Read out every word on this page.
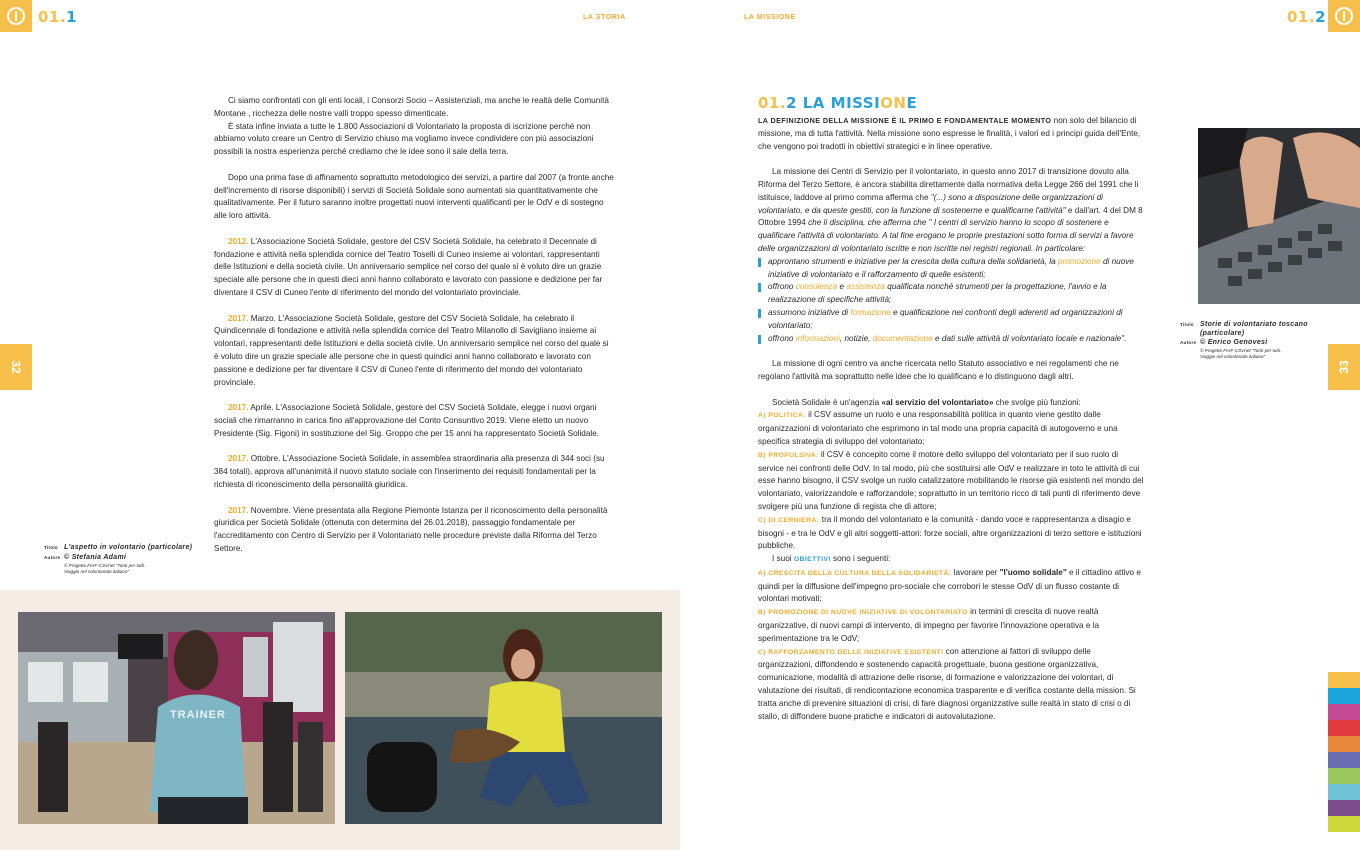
01.1	01.2
LA STORIA	LA MISSIONE
32	33

Ci siamo confrontati con gli enti locali, i Consorzi Socio – Assistenziali, ma anche le realtà delle Comunità Montane , ricchezza delle nostre valli troppo spesso dimenticate.

È stata infine inviata a tutte le 1.800 Associazioni di Volontariato la proposta di iscrizione perché non abbiamo voluto creare un Centro di Servizio chiuso ma vogliamo invece condividere con più associazioni possibili la nostra esperienza perché crediamo che le idee sono il sale della terra.

Dopo una prima fase di affinamento soprattutto metodologico dei servizi, a partire dal 2007 (a fronte anche dell'incremento di risorse disponibili) i servizi di Società Solidale sono aumentati sia quantitativamente che qualitativamente. Per il futuro saranno inoltre progettati nuovi interventi qualificanti per le OdV e di sostegno alle loro attività.

2012. L'Associazione Società Solidale, gestore del CSV Società Solidale, ha celebrato il Decennale di fondazione e attività nella splendida cornice del Teatro Toselli di Cuneo insieme ai volontari, rappresentanti delle Istituzioni e della società civile. Un anniversario semplice nel corso del quale si è voluto dire un grazie speciale alle persone che in questi dieci anni hanno collaborato e lavorato con passione e dedizione per far diventare il CSV di Cuneo l'ente di riferimento del mondo del volontariato provinciale.

2017. Marzo. L'Associazione Società Solidale, gestore del CSV Società Solidale, ha celebrato il Quindicennale di fondazione e attività nella splendida cornice del Teatro Milanollo di Savigliano insieme ai volontari, rappresentanti delle Istituzioni e della società civile. Un anniversario semplice nel corso del quale si è voluto dire un grazie speciale alle persone che in questi quindici anni hanno collaborato e lavorato con passione e dedizione per far diventare il CSV di Cuneo l'ente di riferimento del mondo del volontariato provinciale.

2017. Aprile. L'Associazione Società Solidale, gestore del CSV Società Solidale, elegge i nuovi organi sociali che rimarranno in carica fino all'approvazione del Conto Consuntivo 2019. Viene eletto un nuovo Presidente (Sig. Figoni) in sostituzione del Sig. Groppo che per 15 anni ha rappresentato Società Solidale.

2017. Ottobre. L'Associazione Società Solidale, in assemblea straordinaria alla presenza di 344 soci (su 384 totali), approva all'unanimità il nuovo statuto sociale con l'inserimento dei requisiti fondamentali per la richiesta di riconoscimento della personalità giuridica.

2017. Novembre. Viene presentata alla Regione Piemonte Istanza per il riconoscimento della personalità giuridica per Società Solidale (ottenuta con determina del 26.01.2018), passaggio fondamentale per l'accreditamento con Centro di Servizio per il Volontariato nelle procedure previste dalla Riforma del Terzo Settore.

Titolo L'aspetto in volontario (particolare)
Autore © Stefania Adami
© Progetto FIAF-CSVnet "Tanti per tutti.
Viaggio nel volontariato italiano"
TRAINER
01.2 LA MISSIONE

LA DEFINIZIONE DELLA MISSIONE È IL PRIMO E FONDAMENTALE MOMENTO non solo del bilancio di missione, ma di tutta l'attività. Nella missione sono espresse le finalità, i valori ed i principi guida dell'Ente, che vengono poi tradotti in obiettivi strategici e in linee operative.

La missione dei Centri di Servizio per il volontariato, in questo anno 2017 di transizione dovuto alla Riforma del Terzo Settore, è ancora stabilita direttamente dalla normativa della Legge 266 del 1991 che li istituisce, laddove al primo comma afferma che "(...) sono a disposizione delle organizzazioni di volontariato, e da queste gestiti, con la funzione di sostenerne e qualificarne l'attività" e dall'art. 4 del DM 8 Ottobre 1994 che li disciplina, che afferma che " I centri di servizio hanno lo scopo di sostenere e qualificare l'attività di volontariato. A tal fine erogano le proprie prestazioni sotto forma di servizi a favore delle organizzazioni di volontariato iscritte e non iscritte nei registri regionali. In particolare:

approntano strumenti e iniziative per la crescita della cultura della solidarietà, la promozione di nuove iniziative di volontariato e il rafforzamento di quelle esistenti;

offrono consulenza e assistenza qualificata nonché strumenti per la progettazione, l'avvio e la realizzazione di specifiche attività;

assumono iniziative di formazione e qualificazione nei confronti degli aderenti ad organizzazioni di volontariato;

offrono informazioni, notizie, documentazione e dati sulle attività di volontariato locale e nazionale".

La missione di ogni centro va anche ricercata nello Statuto associativo e nei regolamenti che ne regolano l'attività ma soprattutto nelle idee che lo qualificano e lo distinguono dagli altri.

Società Solidale è un'agenzia «al servizio del volontariato» che svolge più funzioni:

A) POLITICA: il CSV assume un ruolo e una responsabilità politica in quanto viene gestito dalle organizzazioni di volontariato che esprimono in tal modo una propria capacità di autogoverno e una specifica strategia di sviluppo del volontariato;

B) PROPULSIVA: il CSV è concepito come il motore dello sviluppo del volontariato per il suo ruolo di service nei confronti delle OdV. In tal modo, più che sostituirsi alle OdV e realizzare in toto le attività di cui esse hanno bisogno, il CSV svolge un ruolo catalizzatore mobilitando le risorse già esistenti nel mondo del volontariato, valorizzandole e rafforzandole; soprattutto in un territorio ricco di tali punti di riferimento deve svolgere più una funzione di regista che di attore;

C) DI CERNIERA: tra il mondo del volontariato e la comunità - dando voce e rappresentanza a disagio e bisogni - e tra le OdV e gli altri soggetti-attori: forze sociali, altre organizzazioni di terzo settore e istituzioni pubbliche.

I suoi OBIETTIVI sono i seguenti:

A) CRESCITA DELLA CULTURA DELLA SOLIDARIETÀ: lavorare per "l'uomo solidale" e il cittadino attivo e quindi per la diffusione dell'impegno pro-sociale che corrobori le stesse OdV di un flusso costante di volontari motivati;

B) PROMOZIONE DI NUOVE INIZIATIVE DI VOLONTARIATO in termini di crescita di nuove realtà organizzative, di nuovi campi di intervento, di impegno per favorire l'innovazione operativa e la sperimentazione tra le OdV;

C) RAFFORZAMENTO DELLE INIZIATIVE ESISTENTI con attenzione ai fattori di sviluppo delle organizzazioni, diffondendo e sostenendo capacità progettuale, buona gestione organizzativa, comunicazione, modalità di attrazione delle risorse, di formazione e valorizzazione dei volontari, di valutazione dei risultati, di rendicontazione economica trasparente e di verifica costante della mission. Si tratta anche di prevenire situazioni di crisi, di fare diagnosi organizzative sulle realtà in stato di crisi o di stallo, di diffondere buone pratiche e indicatori di autovalutazione.

Titolo Storie di volontariato toscano (particolare)
Autore © Enrico Genovesi
© Progetto FIAF-CSVnet "Tanti per tutti.
Viaggio nel volontariato italiano"
